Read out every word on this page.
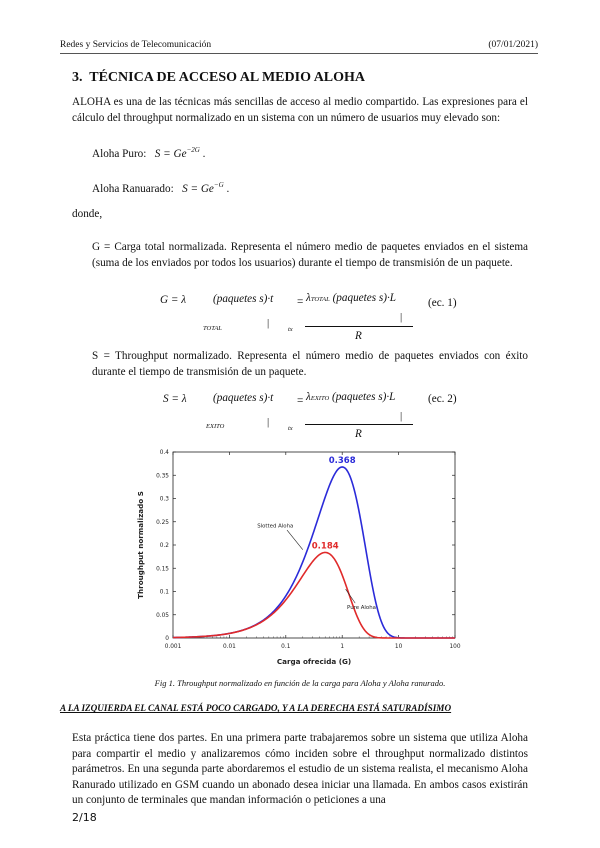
Redes y Servicios de Telecomunicación	(07/01/2021)
3. TÉCNICA DE ACCESO AL MEDIO ALOHA
ALOHA es una de las técnicas más sencillas de acceso al medio compartido. Las expresiones para el cálculo del throughput normalizado en un sistema con un número de usuarios muy elevado son:
Aloha Puro: $S = Ge^{-2G}$ .
Aloha Ranuarado: $S = Ge^{-G}$ .
donde,
G = Carga total normalizada. Representa el número medio de paquetes enviados en el sistema (suma de los enviados por todos los usuarios) durante el tiempo de transmisión de un paquete.
G = λ
TOTAL
(paquetes s)·t
|
tx
= λTOTAL (paquetes s)·L
|
R
(ec. 1)
S = Throughput normalizado. Representa el número medio de paquetes enviados con éxito durante el tiempo de transmisión de un paquete.
S = λ
EXITO
(paquetes s)·t
|
tx
= λEXITO (paquetes s)·L
|
R
(ec. 2)
0.001	0.01	0.1	1	10	100
0
0.05
0.1
0.15
0.2
0.25
0.3
0.35
0.4
Carga ofrecida (G)
Throughput normalizado S
0.368
0.184
Slotted Aloha
Pure Aloha
Fig 1. Throughput normalizado en función de la carga para Aloha y Aloha ranurado.
A LA IZQUIERDA EL CANAL ESTÁ POCO CARGADO, Y A LA DERECHA ESTÁ SATURADÍSIMO
Esta práctica tiene dos partes. En una primera parte trabajaremos sobre un sistema que utiliza Aloha para compartir el medio y analizaremos cómo inciden sobre el throughput normalizado distintos parámetros. En una segunda parte abordaremos el estudio de un sistema realista, el mecanismo Aloha Ranurado utilizado en GSM cuando un abonado desea iniciar una llamada. En ambos casos existirán un conjunto de terminales que mandan información o peticiones a una
2/18
